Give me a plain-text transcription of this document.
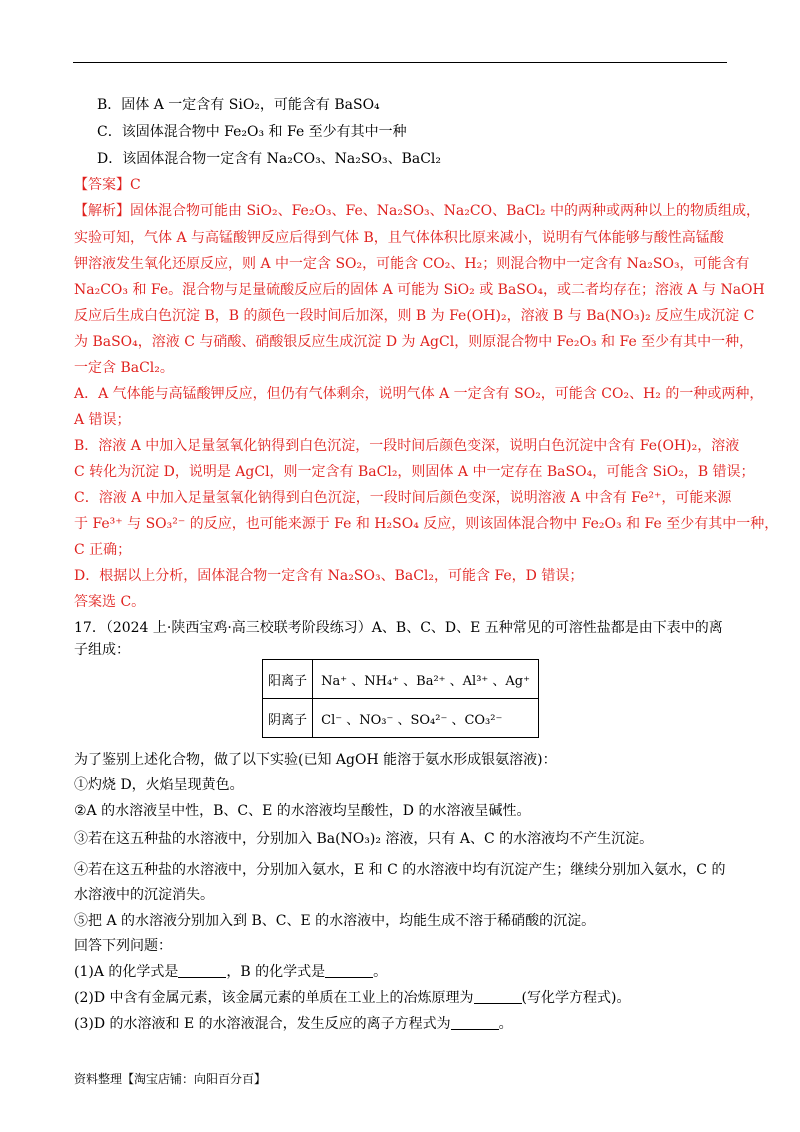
B．固体 A 一定含有 SiO₂，可能含有 BaSO₄
C．该固体混合物中 Fe₂O₃ 和 Fe 至少有其中一种
D．该固体混合物一定含有 Na₂CO₃、Na₂SO₃、BaCl₂
【答案】C
【解析】固体混合物可能由 SiO₂、Fe₂O₃、Fe、Na₂SO₃、Na₂CO、BaCl₂ 中的两种或两种以上的物质组成，
实验可知，气体 A 与高锰酸钾反应后得到气体 B，且气体体积比原来减小，说明有气体能够与酸性高锰酸
钾溶液发生氧化还原反应，则 A 中一定含 SO₂，可能含 CO₂、H₂；则混合物中一定含有 Na₂SO₃，可能含有
Na₂CO₃ 和 Fe。混合物与足量硫酸反应后的固体 A 可能为 SiO₂ 或 BaSO₄，或二者均存在；溶液 A 与 NaOH
反应后生成白色沉淀 B，B 的颜色一段时间后加深，则 B 为 Fe(OH)₂，溶液 B 与 Ba(NO₃)₂ 反应生成沉淀 C
为 BaSO₄，溶液 C 与硝酸、硝酸银反应生成沉淀 D 为 AgCl，则原混合物中 Fe₂O₃ 和 Fe 至少有其中一种，
一定含 BaCl₂。
A．A 气体能与高锰酸钾反应，但仍有气体剩余，说明气体 A 一定含有 SO₂，可能含 CO₂、H₂ 的一种或两种，
A 错误；
B．溶液 A 中加入足量氢氧化钠得到白色沉淀，一段时间后颜色变深，说明白色沉淀中含有 Fe(OH)₂，溶液
C 转化为沉淀 D，说明是 AgCl，则一定含有 BaCl₂，则固体 A 中一定存在 BaSO₄，可能含 SiO₂，B 错误；
C．溶液 A 中加入足量氢氧化钠得到白色沉淀，一段时间后颜色变深，说明溶液 A 中含有 Fe²⁺，可能来源
于 Fe³⁺ 与 SO₃²⁻ 的反应，也可能来源于 Fe 和 H₂SO₄ 反应，则该固体混合物中 Fe₂O₃ 和 Fe 至少有其中一种，
C 正确；
D．根据以上分析，固体混合物一定含有 Na₂SO₃、BaCl₂，可能含 Fe，D 错误；
答案选 C。
17．（2024 上·陕西宝鸡·高三校联考阶段练习）A、B、C、D、E 五种常见的可溶性盐都是由下表中的离
子组成：
阳离子	Na⁺ 、NH₄⁺ 、Ba²⁺ 、Al³⁺ 、Ag⁺
阴离子	Cl⁻ 、NO₃⁻ 、SO₄²⁻ 、CO₃²⁻
为了鉴别上述化合物，做了以下实验(已知 AgOH 能溶于氨水形成银氨溶液)：
①灼烧 D，火焰呈现黄色。
②A 的水溶液呈中性，B、C、E 的水溶液均呈酸性，D 的水溶液呈碱性。
③若在这五种盐的水溶液中，分别加入 Ba(NO₃)₂ 溶液，只有 A、C 的水溶液均不产生沉淀。
④若在这五种盐的水溶液中，分别加入氨水，E 和 C 的水溶液中均有沉淀产生；继续分别加入氨水，C 的
水溶液中的沉淀消失。
⑤把 A 的水溶液分别加入到 B、C、E 的水溶液中，均能生成不溶于稀硝酸的沉淀。
回答下列问题：
(1)A 的化学式是	，B 的化学式是	。
(2)D 中含有金属元素，该金属元素的单质在工业上的冶炼原理为	(写化学方程式)。
(3)D 的水溶液和 E 的水溶液混合，发生反应的离子方程式为	。
资料整理【淘宝店铺：向阳百分百】
